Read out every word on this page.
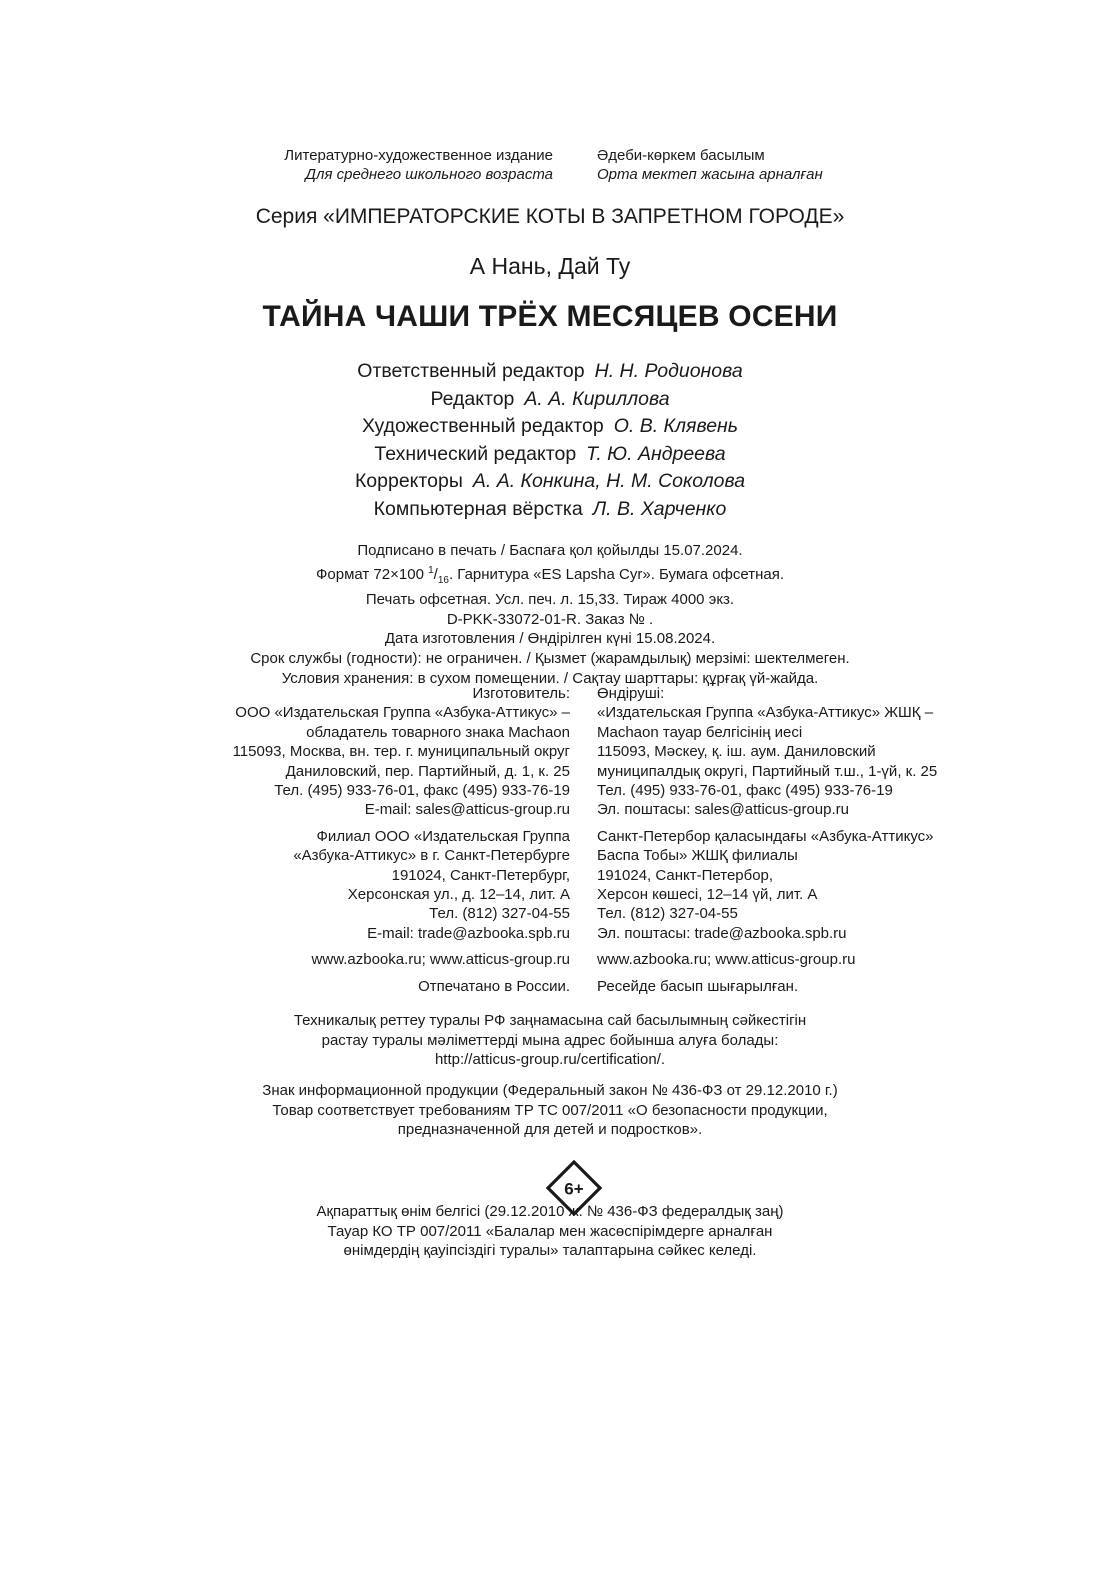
Литературно-художественное издание
Для среднего школьного возраста
Әдеби-көркем басылым
Орта мектеп жасына арналған
Серия «ИМПЕРАТОРСКИЕ КОТЫ В ЗАПРЕТНОМ ГОРОДЕ»
А Нань, Дай Ту
ТАЙНА ЧАШИ ТРЁХ МЕСЯЦЕВ ОСЕНИ
Ответственный редактор Н. Н. Родионова
Редактор А. А. Кириллова
Художественный редактор О. В. Клявень
Технический редактор Т. Ю. Андреева
Корректоры А. А. Конкина, Н. М. Соколова
Компьютерная вёрстка Л. В. Харченко
Подписано в печать / Баспаға қол қойылды 15.07.2024.
Формат 72×100 $^1/_{16}$. Гарнитура «ES Lapsha Cyr». Бумага офсетная.
Печать офсетная. Усл. печ. л. 15,33. Тираж 4000 экз.
D-PKK-33072-01-R. Заказ № .
Дата изготовления / Өндірілген күні 15.08.2024.
Срок службы (годности): не ограничен. / Қызмет (жарамдылық) мерзімі: шектелмеген.
Условия хранения: в сухом помещении. / Сақтау шарттары: құрғақ үй-жайда.
Изготовитель:
ООО «Издательская Группа «Азбука-Аттикус» –
обладатель товарного знака Machaon
115093, Москва, вн. тер. г. муниципальный округ
Даниловский, пер. Партийный, д. 1, к. 25
Тел. (495) 933-76-01, факс (495) 933-76-19
E-mail: sales@atticus-group.ru
Филиал ООО «Издательская Группа
«Азбука-Аттикус» в г. Санкт-Петербурге
191024, Санкт-Петербург,
Херсонская ул., д. 12–14, лит. А
Тел. (812) 327-04-55
E-mail: trade@azbooka.spb.ru
www.azbooka.ru; www.atticus-group.ru
Отпечатано в России.
Өндіруші:
«Издательская Группа «Азбука-Аттикус» ЖШҚ –
Machaon тауар белгісінің иесі
115093, Мәскеу, қ. іш. аум. Даниловский
муниципалдық округі, Партийный т.ш., 1-үй, к. 25
Тел. (495) 933-76-01, факс (495) 933-76-19
Эл. поштасы: sales@atticus-group.ru
Санкт-Петербор қаласындағы «Азбука-Аттикус»
Баспа Тобы» ЖШҚ филиалы
191024, Санкт-Петербор,
Херсон көшесі, 12–14 үй, лит. А
Тел. (812) 327-04-55
Эл. поштасы: trade@azbooka.spb.ru
www.azbooka.ru; www.atticus-group.ru
Ресейде басып шығарылған.
Техникалық реттеу туралы РФ заңнамасына сай басылымның сәйкестігін
растау туралы мәліметтерді мына адрес бойынша алуға болады:
http://atticus-group.ru/certification/.
Знак информационной продукции (Федеральный закон № 436-ФЗ от 29.12.2010 г.)
Товар соответствует требованиям ТР ТС 007/2011 «О безопасности продукции,
предназначенной для детей и подростков».
6+
Ақпараттық өнім белгісі (29.12.2010 ж. № 436-ФЗ федералдық заң)
Тауар КО ТР 007/2011 «Балалар мен жасөспірімдерге арналған
өнімдердің қауіпсіздігі туралы» талаптарына сәйкес келеді.
